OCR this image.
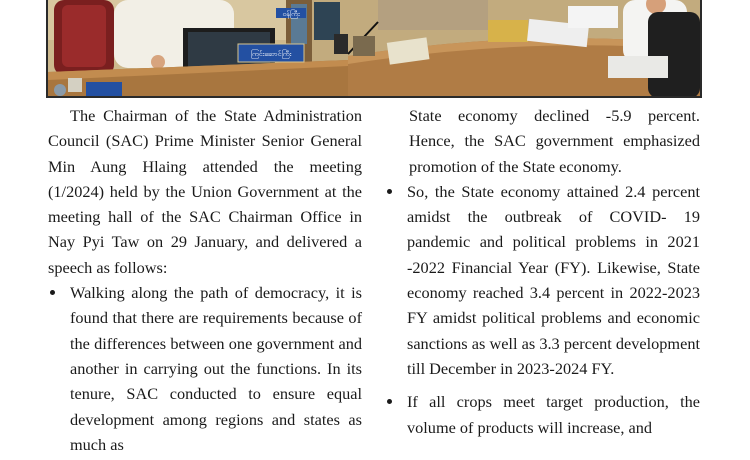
ကြင်းဆောင်ကြီး
ဝန်ကြီး

The Chairman of the State Administration Council (SAC) Prime Minister Senior General Min Aung Hlaing attended the meeting (1/2024) held by the Union Government at the meeting hall of the SAC Chairman Office in Nay Pyi Taw on 29 January, and delivered a speech as follows:

Walking along the path of democracy, it is found that there are requirements because of the differences between one government and another in carrying out the functions. In its tenure, SAC conducted to ensure equal development among regions and states as much as

State economy declined -5.9 percent. Hence, the SAC government emphasized promotion of the State economy.

So, the State economy attained 2.4 percent amidst the outbreak of COVID- 19 pandemic and political problems in 2021 -2022 Financial Year (FY). Likewise, State economy reached 3.4 percent in 2022-2023 FY amidst political problems and economic sanctions as well as 3.3 percent development till December in 2023-2024 FY.
If all crops meet target production, the volume of products will increase, and
